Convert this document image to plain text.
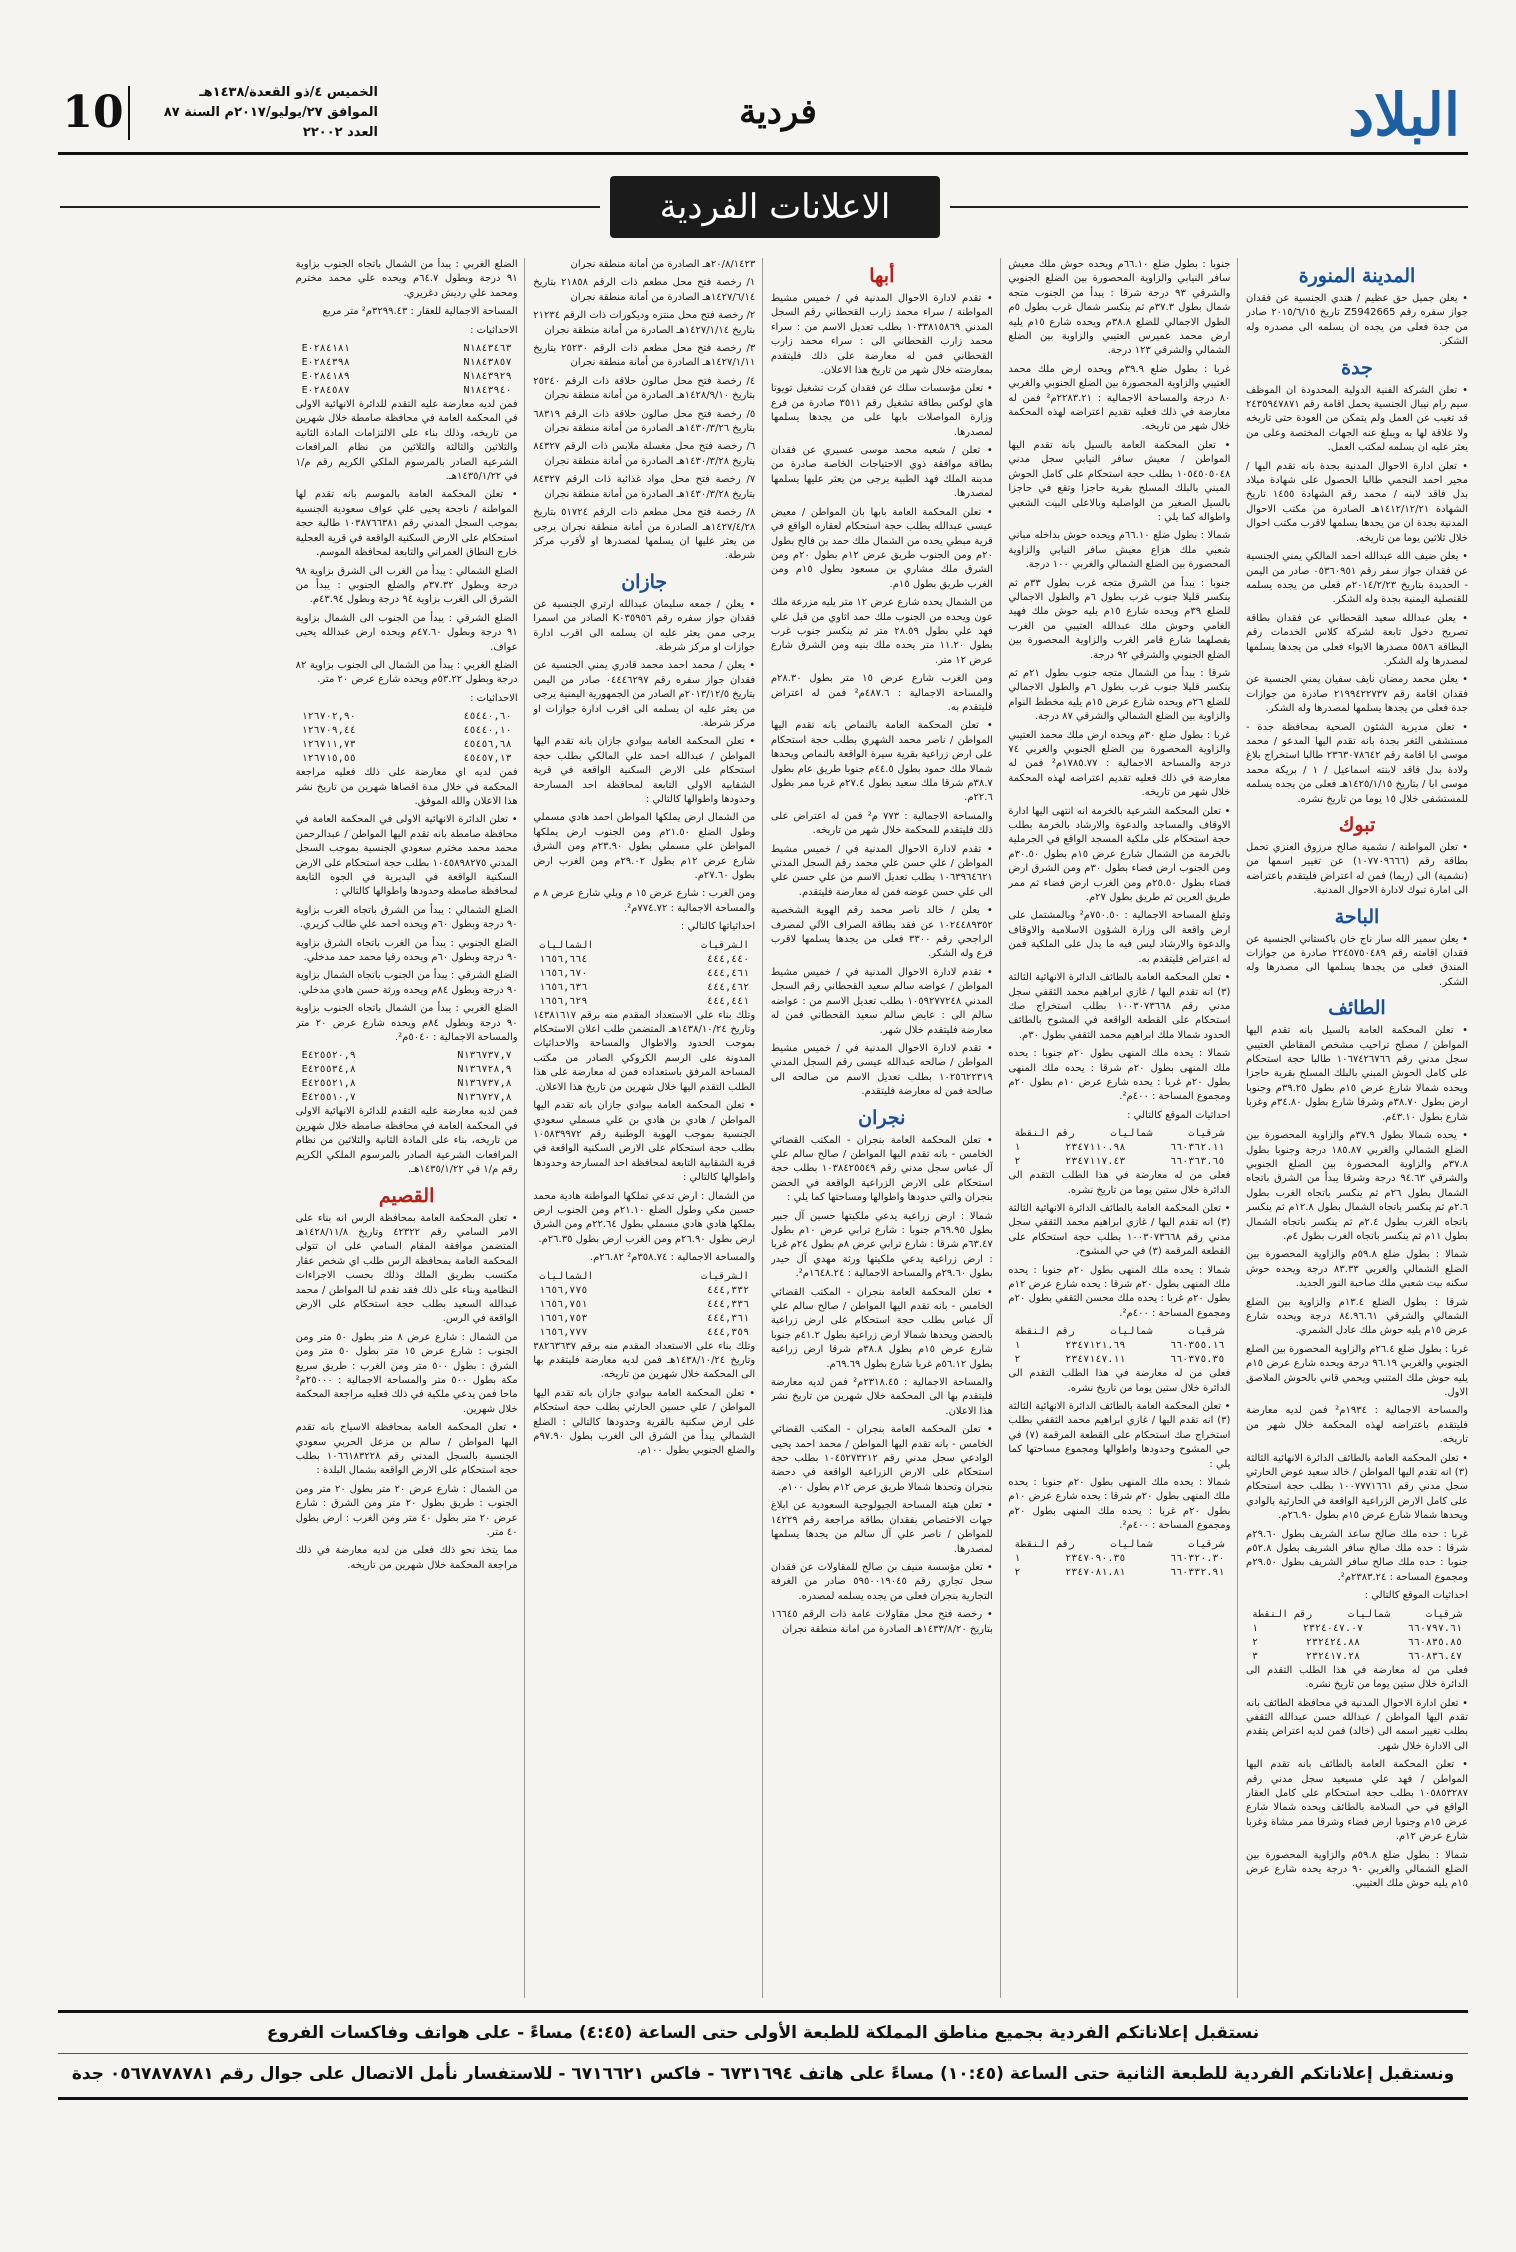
البلاد
فردية
10	الخميس ٤/ذو القعدة/١٤٣٨هـ
الموافق ٢٧/يوليو/٢٠١٧م السنة ٨٧ العدد ٢٢٠٠٢
الاعلانات الفردية
المدينة المنورة
• يعلن جميل حق عظيم / هندي الجنسية عن فقدان جواز سفره رقم Z5942665 تاريخ ٢٠١٥/٦/١٥ صادر من جدة فعلى من يجده ان يسلمه الى مصدره وله الشكر.
جدة
• تعلن الشركة الفنية الدولية المحدودة ان الموظف سيم رام نيبال الجنسية يحمل اقامة رقم ٢٤٣٥٩٤٧٨٧١ قد تغيب عن العمل ولم يتمكن من العودة حتى تاريخه ولا علاقة لها به ويبلغ عنه الجهات المختصة وعلى من يعثر عليه ان يسلمه لمكتب العمل.
• تعلن ادارة الاحوال المدنية بجدة بانه تقدم اليها / مجير احمد النجمي طالبا الحصول على شهادة ميلاد بدل فاقد لابنه / محمد رقم الشهادة ١٤٥٥ تاريخ الشهادة ١٤١٢/١٢/٢١هـ الصادرة من مكتب الاحوال المدنية بجدة ان من يجدها يسلمها لاقرب مكتب احوال خلال ثلاثين يوما من تاريخه.
• يعلن ضيف الله عبدالله احمد المالكي يمني الجنسية عن فقدان جواز سفر رقم ٠٥٣٦٠٩٥١ صادر من اليمن - الحديدة بتاريخ ٢٠١٤/٢/٢٣م فعلى من يجده يسلمه للقنصلية اليمنية بجدة وله الشكر.
• يعلن عبدالله سعيد القحطاني عن فقدان بطاقة تصريح دخول تابعة لشركة كلاس الخدمات رقم البطاقة ٥٥٨٦ مصدرها الايواء فعلى من يجدها يسلمها لمصدرها وله الشكر.
• يعلن محمد رمضان نايف سفيان يمني الجنسية عن فقدان اقامة رقم ٢١٩٩٤٢٢٧٣٧ صادرة من جوازات جدة فعلى من يجدها يسلمها لمصدرها وله الشكر.
• تعلن مديرية الشئون الصحية بمحافظة جدة - مستشفى الثغر بجدة بانه تقدم اليها المدعو / محمد موسى ابا اقامة رقم ٢٣٦٣٠٧٨٦٤٢ طالبا استخراج بلاغ ولادة بدل فاقد لابنته اسماعيل / ١ / بريكة محمد موسى ابا / بتاريخ ١٤٢٥/١/١٥هـ فعلى من يجده يسلمه للمستشفى خلال ١٥ يوما من تاريخ نشره.
تبوك
• تعلن المواطنة / نشمية صالح مرزوق العنزي تحمل بطاقة رقم (١٠٧٧٠٩٦٦٦) عن تغيير اسمها من (نشمية) الى (ريما) فمن له اعتراض فليتقدم باعتراضه الى امارة تبوك لادارة الاحوال المدنية.
الباحة
• يعلن سمير الله سار ناج خان باكستاني الجنسية عن فقدان اقامته رقم ٢٢٤٥٧٥٠٤٨٩ صادرة من جوازات المندق فعلى من يجدها يسلمها الى مصدرها وله الشكر.
الطائف
• تعلن المحكمة العامة بالسيل بانه تقدم اليها المواطن / مصلح تراحيب مشخص المقاطي العتيبي سجل مدني رقم ١٠٦٧٤٢٦٧٦٦ طالبا حجة استحكام على كامل الحوش المبني بالبلك المسلح بقرية حاجزا ويحده شمالا شارع عرض ١٥م بطول ٣٩.٢٥م وجنوبا ارض بطول ٣٨.٧٠م وشرقا شارع بطول ٣٤.٨٠م وغربا شارع بطول ٤٣.١٠م.
• يحده شمالا بطول ٣٧.٩م والزاوية المحصورة بين الضلع الشمالي والغربي ١٨٥.٨٧ درجة وجنوبا بطول ٣٧.٨م والزاوية المحصورة بين الضلع الجنوبي والشرقي ٩٤.٦٣ درجة وشرقا يبدأ من الشرق باتجاه الشمال بطول ٢٦م ثم ينكسر باتجاه الغرب بطول ٢.٦م ثم ينكسر باتجاه الشمال بطول ١٢.٨م ثم ينكسر باتجاه الغرب بطول ٢.٤م ثم ينكسر باتجاه الشمال بطول ١١م ثم ينكسر باتجاه الغرب بطول ٤م.
شمالا : بطول ضلع ٥٩.٨م والزاوية المحصورة بين الضلع الشمالي والغربي ٨٣.٣٣ درجة ويحده حوش سكنه بيت شعبي ملك صاحبة النور الجديد.
شرقا : بطول الضلع ١٣.٤م والزاوية بين الضلع الشمالي والشرقي ٨٤.٩٦.٦١ درجة ويحده شارع عرض ١٥م يليه حوش ملك عادل الشمري.
غربا : بطول ضلع ٢٦.٤م والزاوية المحصورة بين الضلع الجنوبي والغربي ٩٦.١٩ درجة ويحده شارع عرض ١٥م يليه حوش ملك المتنبي ويحمي قاني بالحوش الملاصق الاول.
والمساحة الاجمالية : ١٩٣٤م² فمن لديه معارضة فليتقدم باعتراضه لهذه المحكمة خلال شهر من تاريخه.
• تعلن المحكمة العامة بالطائف الدائرة الانهائية الثالثة (٣) انه تقدم اليها المواطن / خالد سعيد عوض الحارثي سجل مدني رقم ١٠٠٧٧٧١٦٦١ بطلب حجة استحكام على كامل الارض الزراعية الواقعة في الحارثية بالوادي ويحدها شمالا شارع عرض ١٥م بطول ٢٦.٩٠م.
غربا : حده ملك صالح ساعد الشريف بطول ٢٩.٦٠م شرقا : حده ملك صالح سافر الشريف بطول ٥٢.٨م جنوبا : حده ملك صالح سافر الشريف بطول ٢٩.٥٠م ومجموع المساحة : ٢٣٨٣.٢٤م².
احداثيات الموقع كالتالي :
رقم النقطة	شماليات	شرقيات
١	٢٣٢٤٠٤٧.٠٧	٦٦٠٧٩٧.٦١
٢	٢٣٢٤٢٤.٨٨	٦٦٠٨٣٥.٨٥
٣	٢٣٢٤١٧.٢٨	٦٦٠٨٣٦.٤٧
فعلى من له معارضة في هذا الطلب التقدم الى الدائرة خلال ستين يوما من تاريخ نشره.
• تعلن ادارة الاحوال المدنية في محافظة الطائف بانه تقدم اليها المواطن / عبدالله حسن عبدالله الثقفي بطلب تغيير اسمه الى (خالد) فمن لديه اعتراض يتقدم الى الادارة خلال شهر.
• تعلن المحكمة العامة بالطائف بانه تقدم اليها المواطن / فهد علي مسيعيد سجل مدني رقم ١٠٥٨٥٣٢٨٧ بطلب حجة استحكام على كامل العقار الواقع في حي السلامة بالطائف ويحده شمالا شارع عرض ١٥م وجنوبا ارض فضاء وشرقا ممر مشاة وغربا شارع عرض ١٢م.
شمالا : بطول ضلع ٥٩.٨م والزاوية المحصورة بين الضلع الشمالي والغربي ٩٠ درجة يحده شارع عرض ١٥م يليه حوش ملك العتيبي.
جنوبا : بطول ضلع ٦٦.١٠م ويحده حوش ملك معيش سافر النيابي والزاوية المحصورة بين الضلع الجنوبي والشرقي ٩٣ درجة شرقا : يبدأ من الجنوب متجه شمال بطول ٣٧.٣م ثم ينكسر شمال غرب بطول ٥م الطول الاجمالي للضلع ٣٨.٨م ويحده شارع ١٥م يليه ارض محمد عميرس العتيبي والزاوية بين الضلع الشمالي والشرقي ١٢٣ درجة.
غربا : بطول ضلع ٣٩.٩م ويحده ارض ملك محمد العتيبي والزاوية المحصورة بين الضلع الجنوبي والغربي ٨٠ درجة والمساحة الاجمالية : ٢٢٨٣.٢١م² فمن له معارضة في ذلك فعليه تقديم اعتراضه لهذه المحكمة خلال شهر من تاريخه.
• تعلن المحكمة العامة بالسيل بانه تقدم اليها المواطن / معيش سافر النيابي سجل مدني ١٠٥٤٥٠٥٠٤٨ بطلب حجة استحكام على كامل الحوش المبني بالبلك المسلح بقرية حاجزا وتقع في حاجزا بالسيل الصغير من الواصلية وبالاعلى البيت الشعبي واطواله كما يلي :
شمالا : بطول ضلع ٦٦.١٠م ويحده حوش بداخله مباني شعبي ملك هزاع معيش سافر النيابي والزاوية المحصورة بين الضلع الشمالي والغربي ١٠٠ درجة.
جنوبا : يبدأ من الشرق متجه غرب بطول ٣٣م ثم ينكسر قليلا جنوب غرب بطول ٦م والطول الاجمالي للضلع ٣٩م ويحده شارع ١٥م يليه حوش ملك فهيد الغامي وحوش ملك عبدالله العتيبي من الغرب يفصلهما شارع قامر الغرب والزاوية المحصورة بين الضلع الجنوبي والشرقي ٩٢ درجة.
شرقا : يبدأ من الشمال متجه جنوب بطول ٢١م ثم ينكسر قليلا جنوب غرب بطول ٦م والطول الاجمالي للضلع ٢٦م ويحده شارع عرض ١٥م يليه مخطط النوام والزاوية بين الضلع الشمالي والشرقي ٨٧ درجة.
غربا : بطول ضلع ٣٠م ويحده ارض ملك محمد العتيبي والزاوية المحصورة بين الضلع الجنوبي والغربي ٧٤ درجة والمساحة الاجمالية : ١٧٨٥.٧٧م² فمن له معارضة في ذلك فعليه تقديم اعتراضه لهذه المحكمة خلال شهر من تاريخه.
• تعلن المحكمة الشرعية بالخرمة انه انتهى اليها ادارة الاوقاف والمساجد والدعوة والارشاد بالخرمة بطلب حجة استحكام على ملكية المسجد الواقع في الجرملية بالخرمة من الشمال شارع عرض ١٥م بطول ٣٠.٥٠م ومن الجنوب ارض فضاء بطول ٣٠م ومن الشرق ارض فضاء بطول ٢٥.٥٠م ومن الغرب ارض فضاء ثم ممر طريق العرين ثم طريق بطول ٢٧م.
وتبلغ المساحة الاجمالية : ٧٥٠.٥٠م² وبالمشتمل على ارض واقعة الى وزارة الشؤون الاسلامية والاوقاف والدعوة والارشاد ليس فيه ما يدل على الملكية فمن له اعتراض فليتقدم به.
• تعلن المحكمة العامة بالطائف الدائرة الانهائية الثالثة (٣) انه تقدم اليها / غازي ابراهيم محمد الثقفي سجل مدني رقم ١٠٠٣٠٧٣٦٦٨ بطلب استخراج صك استحكام على القطعة الواقعة في المشوح بالطائف الحدود شمالا ملك ابراهيم محمد الثقفي بطول ٣٠م.
شمالا : يحده ملك المنهى بطول ٢٠م جنوبا : يحده ملك المنهى بطول ٢٠م شرقا : يحده ملك المنهى بطول ٢٠م غربا : يحده شارع عرض ١٠م بطول ٢٠م ومجموع المساحة : ٤٠٠م².
احداثيات الموقع كالتالي :
رقم النقطة	شماليات	شرقيات
١	٢٣٤٧١١٠.٩٨	٦٦٠٣٦٢.١١
٢	٢٣٤٧١١٧.٤٣	٦٦٠٣٦٣.٦٥
فعلى من له معارضة في هذا الطلب التقدم الى الدائرة خلال ستين يوما من تاريخ نشره.
• تعلن المحكمة العامة بالطائف الدائرة الانهائية الثالثة (٣) انه تقدم اليها / غازي ابراهيم محمد الثقفي سجل مدني رقم ١٠٠٣٠٧٣٦٦٨ بطلب حجة استحكام على القطعة المرقمة (٣) في حي المشوح.
شمالا : يحده ملك المنهى بطول ٢٠م جنوبا : يحده ملك المنهى بطول ٢٠م شرقا : يحده شارع عرض ١٢م بطول ٢٠م غربا : يحده ملك محسن الثقفي بطول ٢٠م ومجموع المساحة : ٤٠٠م².
رقم النقطة	شماليات	شرقيات
١	٢٣٤٧١٢١.٦٩	٦٦٠٣٥٥.١٦
٢	٢٣٤٧١٤٧.١١	٦٦٠٣٧٥.٣٥
فعلى من له معارضة في هذا الطلب التقدم الى الدائرة خلال ستين يوما من تاريخ نشره.
• تعلن المحكمة العامة بالطائف الدائرة الانهائية الثالثة (٣) انه تقدم اليها / غازي ابراهيم محمد الثقفي بطلب استخراج صك استحكام على القطعة المرقمة (٧) في حي المشوح وحدودها واطوالها ومجموع مساحتها كما يلي :
شمالا : يحده ملك المنهى بطول ٢٠م جنوبا : يحده ملك المنهى بطول ٢٠م شرقا : يحده شارع عرض ١٠م بطول ٢٠م غربا : يحده ملك المنهى بطول ٢٠م ومجموع المساحة : ٤٠٠م².
رقم النقطة	شماليات	شرقيات
١	٢٣٤٧٠٩٠.٣٥	٦٦٠٣٢٠.٣٠
٢	٢٣٤٧٠٨١.٨١	٦٦٠٣٣٢.٩١
أبها
• تقدم لادارة الاحوال المدنية في / خميس مشيط المواطنة / سراء محمد زارب القحطاني رقم السجل المدني ١٠٣٣٨١٥٨٦٩ بطلب تعديل الاسم من : سراء محمد زارب القحطاني الى : سراء محمد زارب القحطاني فمن له معارضة على ذلك فليتقدم بمعارضته خلال شهر من تاريخ هذا الاعلان.
• تعلن مؤسسات سلك عن فقدان كرت تشغيل تويوتا هاي لوكس بطاقة تشغيل رقم ٣٥١١ صادرة من فرع وزارة المواصلات بابها على من يجدها يسلمها لمصدرها.
• تعلن / شعبه محمد موسى عسيري عن فقدان بطاقة موافقة ذوي الاحتياجات الخاصة صادرة من مدينة الملك فهد الطبية يرجى من يعثر عليها يسلمها لمصدرها.
• تعلن المحكمة العامة بابها بان المواطن / معيض عيسى عبدالله يطلب حجة استحكام لعقاره الواقع في قرية مبطي يحده من الشمال ملك حمد بن فالح بطول ٢٠م ومن الجنوب طريق عرض ١٢م بطول ٢٠م ومن الشرق ملك مشاري بن مسعود بطول ١٥م ومن الغرب طريق بطول ١٥م.
من الشمال يحده شارع عرض ١٢ متر يليه مزرعة ملك عون ويحده من الجنوب ملك حمد اثاوي من قبل علي فهد علي بطول ٢٨.٥٩ متر ثم ينكسر جنوب غرب بطول ١١.٢٠ متر يحده ملك بنيه ومن الشرق شارع عرض ١٢ متر.
ومن الغرب شارع عرض ١٥ متر بطول ٢٨.٣٠م والمساحة الاجمالية : ٤٨٧.٦م² فمن له اعتراض فليتقدم به.
• تعلن المحكمة العامة بالنماص بانه تقدم اليها المواطن / ناصر محمد الشهري بطلب حجة استحكام على ارض زراعية بقرية سيرة الواقعة بالنماص ويحدها شمالا ملك حمود بطول ٤٤.٥م جنوبا طريق عام بطول ٣٨.٧م شرقا ملك سعيد بطول ٢٧.٤م غربا ممر بطول ٢٢.٦م.
والمساحة الاجمالية : ٧٧٣ م² فمن له اعتراض على ذلك فليتقدم للمحكمة خلال شهر من تاريخه.
• تقدم لادارة الاحوال المدنية في / خميس مشيط المواطن / علي حسن علي محمد رقم السجل المدني ١٠٦٣٩٦٤٦٢١ بطلب تعديل الاسم من علي حسن علي الى علي حسن عوضه فمن له معارضة فليتقدم.
• يعلن / خالد ناصر محمد رقم الهوية الشخصية ١٠٢٤٤٨٩٣٥٢ عن فقد بطاقة الصراف الآلي لمصرف الراجحي رقم ٣٣٠٠ فعلى من يجدها يسلمها لاقرب فرع وله الشكر.
• تقدم لادارة الاحوال المدنية في / خميس مشيط المواطن / عواضه سالم سعيد القحطاني رقم السجل المدني ١٠٥٩٢٧٧٢٤٨ بطلب تعديل الاسم من : عواضه سالم الى : عايض سالم سعيد القحطاني فمن له معارضة فليتقدم خلال شهر.
• تقدم لادارة الاحوال المدنية في / خميس مشيط المواطن / صالحه عبدالله عيسى رقم السجل المدني ١٠٢٥٦٢٢٣١٩ بطلب تعديل الاسم من صالحه الى صالحة فمن له معارضة فليتقدم.
نجران
• تعلن المحكمة العامة بنجران - المكتب القضائي الخامس - بانه تقدم اليها المواطن / صالح سالم علي آل عباس سجل مدني رقم ١٠٣٨٤٢٥٥٤٩ بطلب حجة استحكام على الارض الزراعية الواقعة في الحضن بنجران والتي حدودها واطوالها ومساحتها كما يلي :
شمالا : ارض زراعية يدعي ملكيتها حسين آل جبير بطول ٦٩.٩٥م جنوبا : شارع ترابي عرض ١٠م بطول ٦٣.٤٧م شرقا : شارع ترابي عرض ٨م بطول ٢٤م غربا : ارض زراعية يدعي ملكيتها ورثة مهدي آل حيدر بطول ٢٩.٦٠م والمساحة الاجمالية : ١٦٤٨.٢٤م².
• تعلن المحكمة العامة بنجران - المكتب القضائي الخامس - بانه تقدم اليها المواطن / صالح سالم علي آل عباس بطلب حجة استحكام على ارض زراعية بالحضن ويحدها شمالا ارض زراعية بطول ٤١.٢م جنوبا شارع عرض ١٥م بطول ٣٨.٨م شرقا ارض زراعية بطول ٥٦.١٢م غربا شارع بطول ٦٩.٦٩م.
والمساحة الاجمالية : ٢٣١٨.٤٥م² فمن لديه معارضة فليتقدم بها الى المحكمة خلال شهرين من تاريخ نشر هذا الاعلان.
• تعلن المحكمة العامة بنجران - المكتب القضائي الخامس - بانه تقدم اليها المواطن / محمد احمد يحيى الوادعي سجل مدني رقم ١٠٤٥٢٧٣٢١٢ بطلب حجة استحكام على الارض الزراعية الواقعة في دحضة بنجران وتحدها شمالا طريق عرض ١٢م بطول ١٠٠م.
• تعلن هيئة المساحة الجيولوجية السعودية عن ابلاغ جهات الاختصاص بفقدان بطاقة مراجعة رقم ١٤٢٢٩ للمواطن / ناصر علي آل سالم من يجدها يسلمها لمصدرها.
• تعلن مؤسسة منيف بن صالح للمقاولات عن فقدان سجل تجاري رقم ٥٩٥٠٠١٩٠٤٥ صادر من الغرفة التجارية بنجران فعلى من يجده يسلمه لمصدره.
• رخصة فتح محل مقاولات عامة ذات الرقم ١٦٦٤٥ بتاريخ ١٤٣٣/٨/٢٠هـ الصادرة من امانة منطقة نجران
٢٠/٨/١٤٢٣هـ الصادرة من أمانة منطقة نجران
١/ رخصة فتح محل مطعم ذات الرقم ٢١٨٥٨ بتاريخ ١٤٢٧/٦/١٤هـ الصادرة من أمانة منطقة نجران
٢/ رخصة فتح محل منتزه وديكورات ذات الرقم ٢١٢٣٤ بتاريخ ١٤٢٧/١/١٤هـ الصادرة من أمانة منطقة نجران
٣/ رخصة فتح محل مطعم ذات الرقم ٢٥٢٣٠ بتاريخ ١٤٢٧/١/١١هـ الصادرة من أمانة منطقة نجران
٤/ رخصة فتح محل صالون حلاقة ذات الرقم ٢٥٢٤٠ بتاريخ ١٤٢٨/٩/١٠هـ الصادرة من أمانة منطقة نجران
٥/ رخصة فتح محل صالون حلاقة ذات الرقم ٦٨٣١٩ بتاريخ ١٤٣٠/٣/٢٦هـ الصادرة من أمانة منطقة نجران
٦/ رخصة فتح محل مغسلة ملابس ذات الرقم ٨٤٣٢٧ بتاريخ ١٤٣٠/٣/٢٨هـ الصادرة من أمانة منطقة نجران
٧/ رخصة فتح محل مواد غذائية ذات الرقم ٨٤٣٢٧ بتاريخ ١٤٣٠/٣/٢٨هـ الصادرة من أمانة منطقة نجران
٨/ رخصة فتح محل مطعم ذات الرقم ٥١٧٢٤ بتاريخ ١٤٢٧/٤/٢٨هـ الصادرة من أمانة منطقة نجران يرجى من يعثر عليها ان يسلمها لمصدرها او لأقرب مركز شرطة.
جازان
• يعلن / جمعه سليمان عبدالله ارتري الجنسية عن فقدان جواز سفره رقم K٠٣٥٩٥٦ الصادر من اسمرا يرجى ممن يعثر عليه ان يسلمه الى اقرب ادارة جوازات او مركز شرطة.
• يعلن / محمد احمد محمد قادري يمني الجنسية عن فقدان جواز سفره رقم ٠٤٤٤٦٢٩٧ صادر من اليمن بتاريخ ٢٠١٣/١٢/٥م الصادر من الجمهورية اليمنية يرجى من يعثر عليه ان يسلمه الى اقرب ادارة جوازات او مركز شرطة.
• تعلن المحكمة العامة ببوادي جازان بانه تقدم اليها المواطن / عبدالله احمد علي المالكي بطلب حجة استحكام على الارض السكنية الواقعة في قرية الشقابية الاولى التابعة لمحافظة احد المسارحة وحدودها واطوالها كالتالي :
من الشمال ارض يملكها المواطن احمد هادي مسملي وطول الضلع ٢١.٥٠م ومن الجنوب ارض يملكها المواطن علي مسملي بطول ٢٣.٩٠م ومن الشرق شارع عرض ١٢م بطول ٢٩.٠٢م ومن الغرب ارض بطول ٢٧.٦٠م.
ومن الغرب : شارع عرض ١٥ م ويلي شارع عرض ٨ م والمساحة الاجمالية : ٧٧٤.٧٢م².
احداثياتها كالتالي :
الشماليات	الشرقيات
١٦٥٦,٦٦٤	٤٤٤,٤٤٠
١٦٥٦,٦٧٠	٤٤٤,٤٦١
١٦٥٦,٦٣٦	٤٤٤,٤٦٢
١٦٥٦,٦٢٩	٤٤٤,٤٤١
وتلك بناء على الاستعداد المقدم منه برقم ١٤٣٨١٦١٧ وتاريخ ١٤٣٨/١٠/٢٤هـ المتضمن طلب اعلان الاستحكام بموجب الحدود والاطوال والمساحة والاحداثيات المدونة على الرسم الكروكي الصادر من مكتب المساحة المرفق باستعداده فمن له معارضة على هذا الطلب التقدم اليها خلال شهرين من تاريخ هذا الاعلان.
• تعلن المحكمة العامة ببوادي جازان بانه تقدم اليها المواطن / هادي بن هادي بن علي مسملي سعودي الجنسية بموجب الهوية الوطنية رقم ١٠٥٨٣٩٩٧٢ بطلب حجة استحكام على الارض السكنية الواقعة في قرية الشقابية التابعة لمحافظة احد المسارحة وحدودها واطوالها كالتالي :
من الشمال : ارض تدعي تملكها المواطنة هادية محمد حسين مكي وطول الضلع ٢١.١٠م ومن الجنوب ارض يملكها هادي هادي مسملي بطول ٢٢.٦٤م ومن الشرق ارض بطول ٢٦.٩٠م ومن الغرب ارض بطول ٢٦.٣٥م.
والمساحة الاجمالية : ٣٥٨.٧٤م² ٢٦.٨٢م.
الشماليات	الشرقيات
١٦٥٦,٧٧٥	٤٤٤,٣٣٢
١٦٥٦,٧٥١	٤٤٤,٣٣٦
١٦٥٦,٧٥٣	٤٤٤,٣٦١
١٦٥٦,٧٧٧	٤٤٤,٣٥٩
وتلك بناء على الاستعداد المقدم منه برقم ٣٨٢٦٣٦٣٧ وتاريخ ١٤٣٨/١٠/٢٤هـ فمن لديه معارضة فليتقدم بها الى المحكمة خلال شهرين من تاريخه.
• تعلن المحكمة العامة ببوادي جازان بانه تقدم اليها المواطن / علي حسين الحارثي بطلب حجة استحكام على ارض سكنية بالقرية وحدودها كالتالي : الضلع الشمالي يبدأ من الشرق الى الغرب بطول ٩٧.٩٠م والضلع الجنوبي بطول ١٠٠م.
الضلع الغربي : يبدأ من الشمال باتجاه الجنوب بزاوية ٩١ درجة وبطول ٦٤.٧م ويحده علي محمد مخترم ومحمد علي رديش دغريري.
المساحة الاجمالية للعقار : ٣٢٩٩.٤٣م² متر مربع
الاحداثيات :
E٠٢٨٤١٨١	N١٨٤٣٤٦٣
E٠٢٨٤٣٩٨	N١٨٤٣٨٥٧
E٠٢٨٤١٨٩	N١٨٤٣٩٢٩
E٠٢٨٤٥٨٧	N١٨٤٣٩٤٠
فمن لديه معارضة عليه التقدم للدائرة الانهائية الاولى في المحكمة العامة في محافظة صامطة خلال شهرين من تاريخه، وذلك بناء على الالتزامات المادة الثانية والثلاثين والثالثة والثلاثين من نظام المرافعات الشرعية الصادر بالمرسوم الملكي الكريم رقم م/١ في ١٤٣٥/١/٢٢هـ.
• تعلن المحكمة العامة بالموسم بانه تقدم لها المواطنة / ناجحة يحيى علي عواف سعودية الجنسية بموجب السجل المدني رقم ١٠٣٨٧٦٦٣٨١ طالبة حجة استحكام على الارض السكنية الواقعة في قرية العجلية خارج النطاق العمراني والتابعة لمحافظة الموسم.
الضلع الشمالي : يبدأ من الغرب الى الشرق بزاوية ٩٨ درجة وبطول ٣٧.٣٢م والضلع الجنوبي : يبدأ من الشرق الى الغرب بزاوية ٩٤ درجة وبطول ٤٣.٩٤م.
الضلع الشرقي : يبدأ من الجنوب الى الشمال بزاوية ٩١ درجة وبطول ٤٧.٦٠م ويحده ارض عبدالله يحيى عواف.
الضلع الغربي : يبدأ من الشمال الى الجنوب بزاوية ٨٢ درجة وبطول ٥٣.٢٢م ويحده شارع عرض ٢٠ متر.
الاحداثيات :
١٢٦٧٠٢,٩٠	٤٥٤٤٠,٦٠
١٢٦٧٠٩,٤٤	٤٥٤٤٠,١٠
١٢٦٧١١,٧٣	٤٥٤٥٦,٦٨
١٢٦٧١٥,٥٥	٤٥٤٥٧,١٣
فمن لديه اي معارضة على ذلك فعليه مراجعة المحكمة في خلال مدة اقصاها شهرين من تاريخ نشر هذا الاعلان والله الموفق.
• تعلن الدائرة الانهائية الاولى في المحكمة العامة في محافظة صامطة بانه تقدم اليها المواطن / عبدالرحمن محمد محمد مخترم سعودي الجنسية بموجب السجل المدني ١٠٤٥٨٩٨٢٧٥ بطلب حجة استحكام على الارض السكنية الواقعة في البديرية في الجوه التابعة لمحافظة صامطة وحدودها واطوالها كالتالي :
الضلع الشمالي : يبدأ من الشرق باتجاه الغرب بزاوية ٩٠ درجة وبطول ٦٠م ويحده احمد علي طالب كريري.
الضلع الجنوبي : يبدأ من الغرب باتجاه الشرق بزاوية ٩٠ درجة وبطول ٦٠م ويحده رقيا محمد حمد مدخلي.
الضلع الشرقي : يبدأ من الجنوب باتجاه الشمال بزاوية ٩٠ درجة وبطول ٨٤م ويحده ورثة حسن هادي مدخلي.
الضلع الغربي : يبدأ من الشمال باتجاه الجنوب بزاوية ٩٠ درجة وبطول ٨٤م ويحده شارع عرض ٢٠ متر والمساحة الاجمالية : ٥٠٤٠م².
E٤٢٥٥٢٠,٩	N١٣٦٧٣٧,٧
E٤٢٥٥٣٤,٨	N١٣٦٧٢٨,٩
E٤٢٥٥٢١,٨	N١٣٦٧٣٧,٨
E٤٢٥٥١٠,٧	N١٣٦٧٢٧,٨
فمن لديه معارضة عليه التقدم للدائرة الانهائية الاولى في المحكمة العامة في محافظة صامطة خلال شهرين من تاريخه، بناء على المادة الثانية والثلاثين من نظام المرافعات الشرعية الصادر بالمرسوم الملكي الكريم رقم م/١ في ١٤٣٥/١/٢٢هـ.
القصيم
• تعلن المحكمة العامة بمحافظة الرس انه بناء على الامر السامي رقم ٤٢٣٢٢ وتاريخ ١٤٢٨/١١/٨هـ المتضمن موافقة المقام السامي على ان تتولى المحكمة العامة بمحافظة الرس طلب اي شخص عقار مكتسب بطريق الملك وذلك بحسب الاجراءات النظامية وبناء على ذلك فقد تقدم لنا المواطن / محمد عبدالله السعيد بطلب حجة استحكام على الارض الواقعة في الرس.
من الشمال : شارع عرض ٨ متر بطول ٥٠ متر ومن الجنوب : شارع عرض ١٥ متر بطول ٥٠ متر ومن الشرق : بطول ٥٠٠ متر ومن الغرب : طريق سريع مكة بطول ٥٠٠ متر والمساحة الاجمالية : ٢٥٠٠٠م² ماحا فمن يدعي ملكية في ذلك فعليه مراجعة المحكمة خلال شهرين.
• تعلن المحكمة العامة بمحافظة الاسياح بانه تقدم اليها المواطن / سالم بن مزعل الحربي سعودي الجنسية بالسجل المدني رقم ١٠٦٦١٨٣٢٢٨ بطلب حجة استحكام على الارض الواقعة بشمال البلدة :
من الشمال : شارع عرض ٢٠ متر بطول ٢٠ متر ومن الجنوب : طريق بطول ٢٠ متر ومن الشرق : شارع عرض ٢٠ متر بطول ٤٠ متر ومن الغرب : ارض بطول ٤٠ متر.
مما يتخذ نحو ذلك فعلى من لديه معارضة في ذلك مراجعة المحكمة خلال شهرين من تاريخه.
نستقبل إعلاناتكم الفردية بجميع مناطق المملكة للطبعة الأولى حتى الساعة (٤:٤٥) مساءً - على هواتف وفاكسات الفروع
ونستقبل إعلاناتكم الفردية للطبعة الثانية حتى الساعة (١٠:٤٥) مساءً على هاتف ٦٧٣١٦٩٤ - فاكس ٦٧١٦٦٢١ - للاستفسار نأمل الاتصال على جوال رقم ٠٥٦٧٨٧٨٧٨١ جدة
